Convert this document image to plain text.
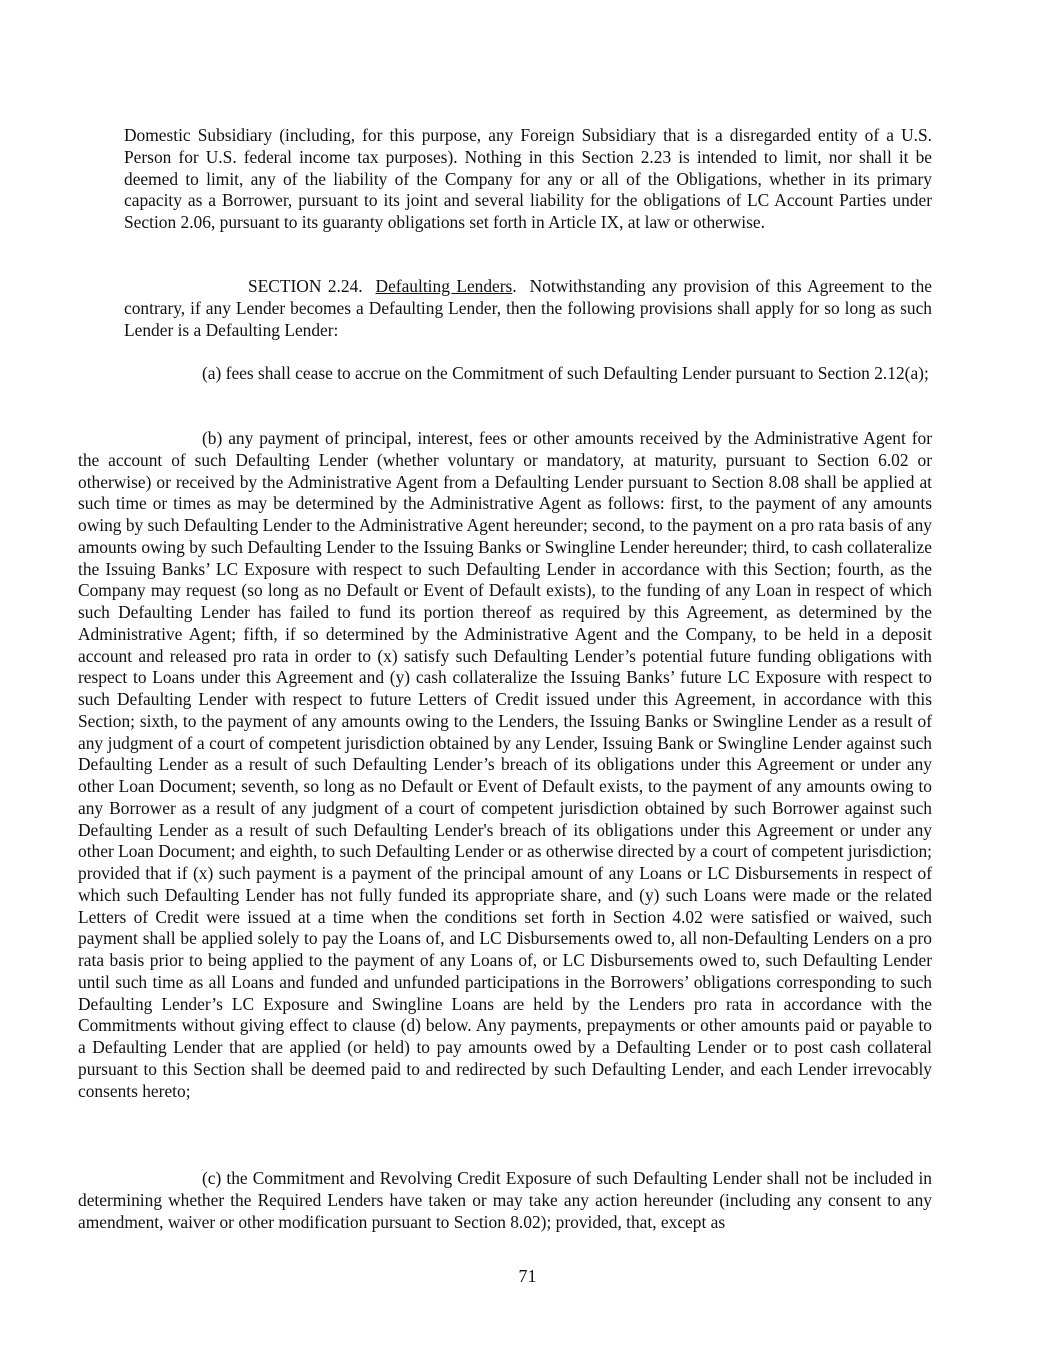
Domestic Subsidiary (including, for this purpose, any Foreign Subsidiary that is a disregarded entity of a U.S. Person for U.S. federal income tax purposes). Nothing in this Section 2.23 is intended to limit, nor shall it be deemed to limit, any of the liability of the Company for any or all of the Obligations, whether in its primary capacity as a Borrower, pursuant to its joint and several liability for the obligations of LC Account Parties under Section 2.06, pursuant to its guaranty obligations set forth in Article IX, at law or otherwise.

SECTION 2.24. Defaulting Lenders. Notwithstanding any provision of this Agreement to the contrary, if any Lender becomes a Defaulting Lender, then the following provisions shall apply for so long as such Lender is a Defaulting Lender:

(a) fees shall cease to accrue on the Commitment of such Defaulting Lender pursuant to Section 2.12(a);

(b) any payment of principal, interest, fees or other amounts received by the Administrative Agent for the account of such Defaulting Lender (whether voluntary or mandatory, at maturity, pursuant to Section 6.02 or otherwise) or received by the Administrative Agent from a Defaulting Lender pursuant to Section 8.08 shall be applied at such time or times as may be determined by the Administrative Agent as follows: first, to the payment of any amounts owing by such Defaulting Lender to the Administrative Agent hereunder; second, to the payment on a pro rata basis of any amounts owing by such Defaulting Lender to the Issuing Banks or Swingline Lender hereunder; third, to cash collateralize the Issuing Banks’ LC Exposure with respect to such Defaulting Lender in accordance with this Section; fourth, as the Company may request (so long as no Default or Event of Default exists), to the funding of any Loan in respect of which such Defaulting Lender has failed to fund its portion thereof as required by this Agreement, as determined by the Administrative Agent; fifth, if so determined by the Administrative Agent and the Company, to be held in a deposit account and released pro rata in order to (x) satisfy such Defaulting Lender’s potential future funding obligations with respect to Loans under this Agreement and (y) cash collateralize the Issuing Banks’ future LC Exposure with respect to such Defaulting Lender with respect to future Letters of Credit issued under this Agreement, in accordance with this Section; sixth, to the payment of any amounts owing to the Lenders, the Issuing Banks or Swingline Lender as a result of any judgment of a court of competent jurisdiction obtained by any Lender, Issuing Bank or Swingline Lender against such Defaulting Lender as a result of such Defaulting Lender’s breach of its obligations under this Agreement or under any other Loan Document; seventh, so long as no Default or Event of Default exists, to the payment of any amounts owing to any Borrower as a result of any judgment of a court of competent jurisdiction obtained by such Borrower against such Defaulting Lender as a result of such Defaulting Lender's breach of its obligations under this Agreement or under any other Loan Document; and eighth, to such Defaulting Lender or as otherwise directed by a court of competent jurisdiction; provided that if (x) such payment is a payment of the principal amount of any Loans or LC Disbursements in respect of which such Defaulting Lender has not fully funded its appropriate share, and (y) such Loans were made or the related Letters of Credit were issued at a time when the conditions set forth in Section 4.02 were satisfied or waived, such payment shall be applied solely to pay the Loans of, and LC Disbursements owed to, all non-Defaulting Lenders on a pro rata basis prior to being applied to the payment of any Loans of, or LC Disbursements owed to, such Defaulting Lender until such time as all Loans and funded and unfunded participations in the Borrowers’ obligations corresponding to such Defaulting Lender’s LC Exposure and Swingline Loans are held by the Lenders pro rata in accordance with the Commitments without giving effect to clause (d) below. Any payments, prepayments or other amounts paid or payable to a Defaulting Lender that are applied (or held) to pay amounts owed by a Defaulting Lender or to post cash collateral pursuant to this Section shall be deemed paid to and redirected by such Defaulting Lender, and each Lender irrevocably consents hereto;

(c) the Commitment and Revolving Credit Exposure of such Defaulting Lender shall not be included in determining whether the Required Lenders have taken or may take any action hereunder (including any consent to any amendment, waiver or other modification pursuant to Section 8.02); provided, that, except as

71
